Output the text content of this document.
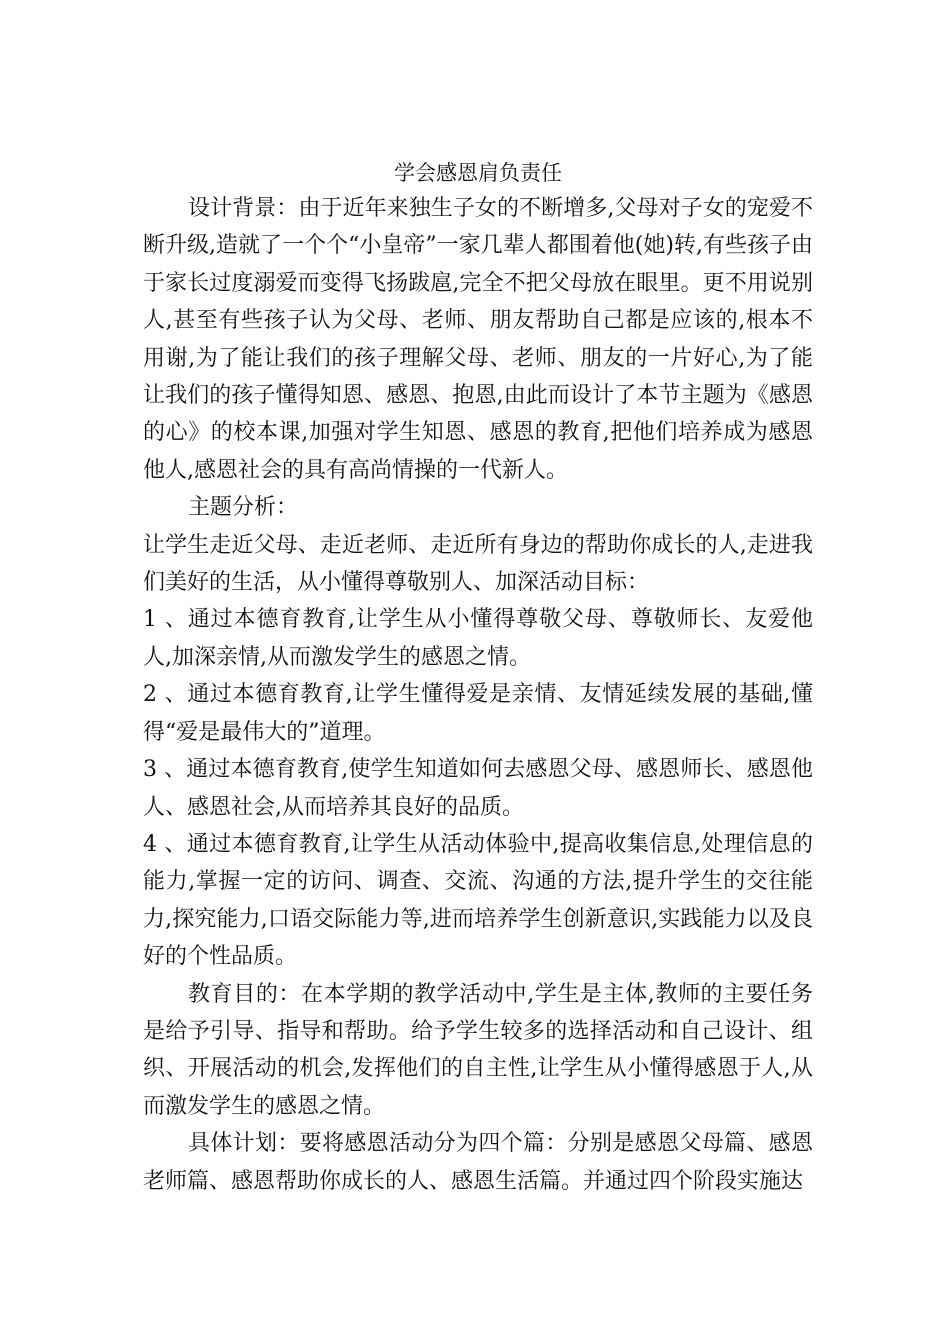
学会感恩肩负责任

设计背景：由于近年来独生子女的不断增多,父母对子女的宠爱不断升级,造就了一个个“小皇帝”一家几辈人都围着他(她)转,有些孩子由于家长过度溺爱而变得飞扬跋扈,完全不把父母放在眼里。更不用说别人,甚至有些孩子认为父母、老师、朋友帮助自己都是应该的,根本不用谢,为了能让我们的孩子理解父母、老师、朋友的一片好心,为了能让我们的孩子懂得知恩、感恩、抱恩,由此而设计了本节主题为《感恩的心》的校本课,加强对学生知恩、感恩的教育,把他们培养成为感恩他人,感恩社会的具有高尚情操的一代新人。

主题分析：

让学生走近父母、走近老师、走近所有身边的帮助你成长的人,走进我们美好的生活，从小懂得尊敬别人、加深活动目标：

1 、通过本德育教育,让学生从小懂得尊敬父母、尊敬师长、友爱他人,加深亲情,从而激发学生的感恩之情。

2 、通过本德育教育,让学生懂得爱是亲情、友情延续发展的基础,懂得“爱是最伟大的”道理。

3 、通过本德育教育,使学生知道如何去感恩父母、感恩师长、感恩他人、感恩社会,从而培养其良好的品质。

4 、通过本德育教育,让学生从活动体验中,提高收集信息,处理信息的能力,掌握一定的访问、调查、交流、沟通的方法,提升学生的交往能力,探究能力,口语交际能力等,进而培养学生创新意识,实践能力以及良好的个性品质。

教育目的：在本学期的教学活动中,学生是主体,教师的主要任务是给予引导、指导和帮助。给予学生较多的选择活动和自己设计、组织、开展活动的机会,发挥他们的自主性,让学生从小懂得感恩于人,从而激发学生的感恩之情。

具体计划：要将感恩活动分为四个篇：分别是感恩父母篇、感恩老师篇、感恩帮助你成长的人、感恩生活篇。并通过四个阶段实施达
